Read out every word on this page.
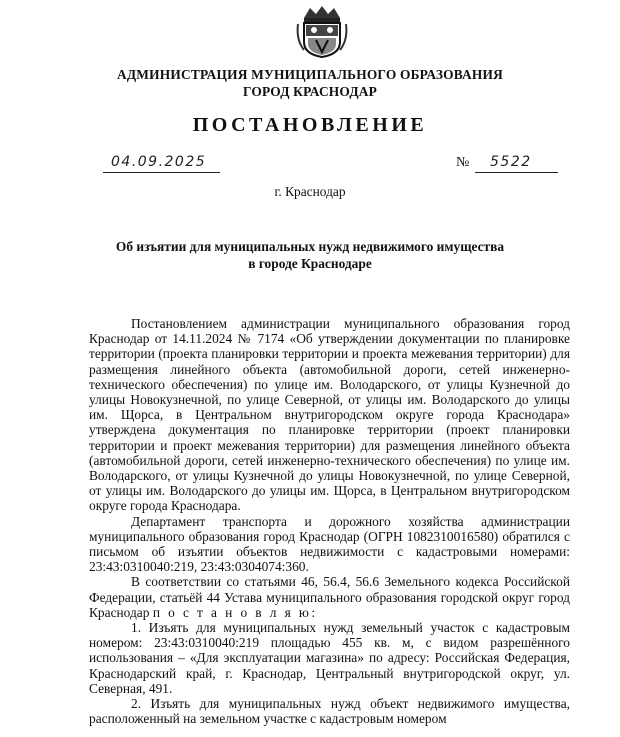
АДМИНИСТРАЦИЯ МУНИЦИПАЛЬНОГО ОБРАЗОВАНИЯ
ГОРОД КРАСНОДАР
ПОСТАНОВЛЕНИЕ
04.09.2025	№ 5522
г. Краснодар
Об изъятии для муниципальных нужд недвижимого имущества
в городе Краснодаре

Постановлением администрации муниципального образования город Краснодар от 14.11.2024 № 7174 «Об утверждении документации по планировке территории (проекта планировки территории и проекта межевания территории) для размещения линейного объекта (автомобильной дороги, сетей инженерно-технического обеспечения) по улице им. Володарского, от улицы Кузнечной до улицы Новокузнечной, по улице Северной, от улицы им. Володарского до улицы им. Щорса, в Центральном внутригородском округе города Краснодара» утверждена документация по планировке территории (проект планировки территории и проект межевания территории) для размещения линейного объекта (автомобильной дороги, сетей инженерно-технического обеспечения) по улице им. Володарского, от улицы Кузнечной до улицы Новокузнечной, по улице Северной, от улицы им. Володарского до улицы им. Щорса, в Центральном внутригородском округе города Краснодара.

Департамент транспорта и дорожного хозяйства администрации муниципального образования город Краснодар (ОГРН 1082310016580) обратился с письмом об изъятии объектов недвижимости с кадастровыми номерами: 23:43:0310040:219, 23:43:0304074:360.

В соответствии со статьями 46, 56.4, 56.6 Земельного кодекса Российской Федерации, статьёй 44 Устава муниципального образования городской округ город Краснодар п о с т а н о в л я ю:

1. Изъять для муниципальных нужд земельный участок с кадастровым номером: 23:43:0310040:219 площадью 455 кв. м, с видом разрешённого использования – «Для эксплуатации магазина» по адресу: Российская Федерация, Краснодарский край, г. Краснодар, Центральный внутригородской округ, ул. Северная, 491.

2. Изъять для муниципальных нужд объект недвижимого имущества, расположенный на земельном участке с кадастровым номером
